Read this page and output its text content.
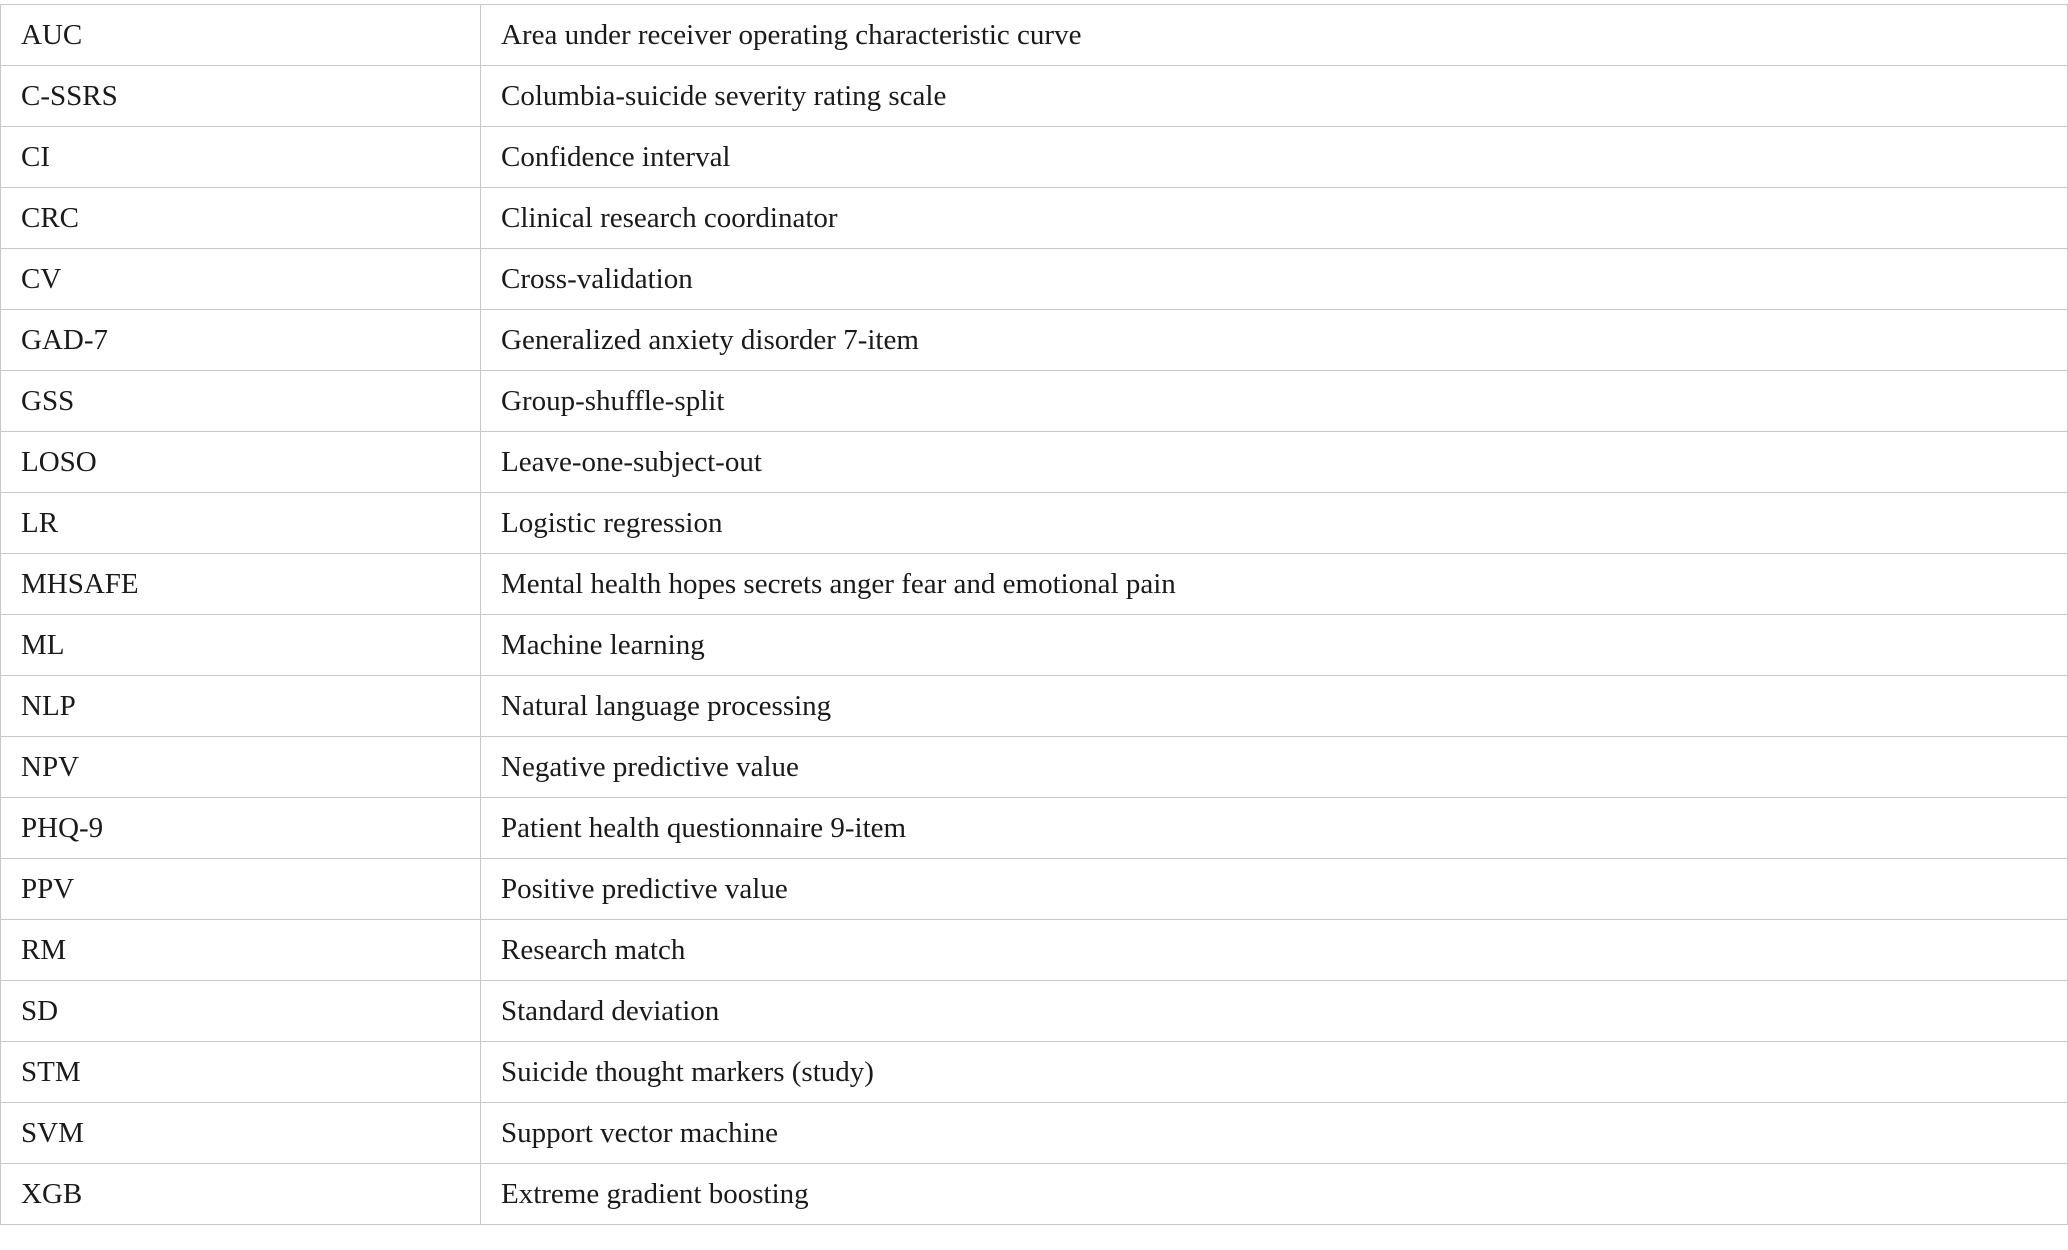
AUC	Area under receiver operating characteristic curve
C-SSRS	Columbia-suicide severity rating scale
CI	Confidence interval
CRC	Clinical research coordinator
CV	Cross-validation
GAD-7	Generalized anxiety disorder 7-item
GSS	Group-shuffle-split
LOSO	Leave-one-subject-out
LR	Logistic regression
MHSAFE	Mental health hopes secrets anger fear and emotional pain
ML	Machine learning
NLP	Natural language processing
NPV	Negative predictive value
PHQ-9	Patient health questionnaire 9-item
PPV	Positive predictive value
RM	Research match
SD	Standard deviation
STM	Suicide thought markers (study)
SVM	Support vector machine
XGB	Extreme gradient boosting
